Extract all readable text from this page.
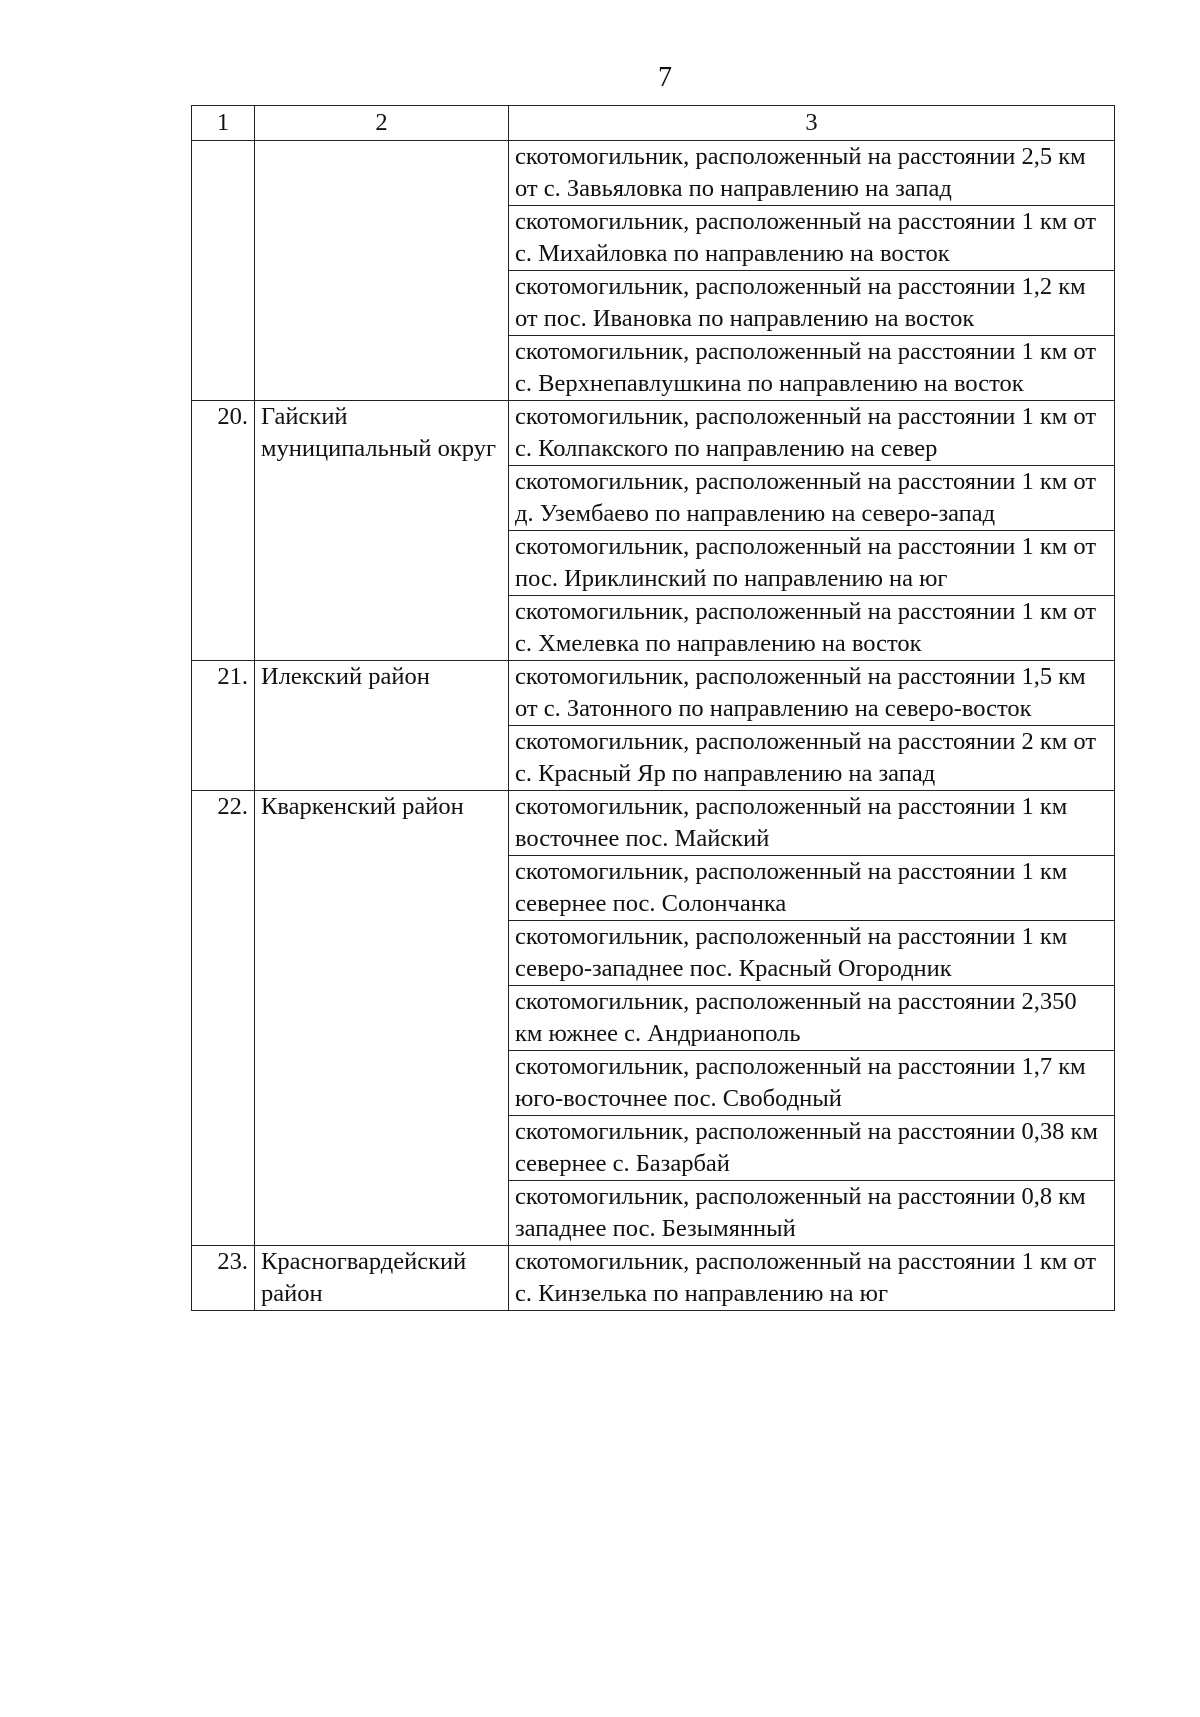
7
1	2	3
		скотомогильник, расположенный на расстоянии 2,5 км от с. Завьяловка по направлению на запад
		скотомогильник, расположенный на расстоянии 1 км от с. Михайловка по направлению на восток
		скотомогильник, расположенный на расстоянии 1,2 км от пос. Ивановка по направлению на восток
		скотомогильник, расположенный на расстоянии 1 км от с. Верхнепавлушкина по направлению на восток
20.	Гайский муниципальный округ	скотомогильник, расположенный на расстоянии 1 км от с. Колпакского по направлению на север
		скотомогильник, расположенный на расстоянии 1 км от д. Узембаево по направлению на северо-запад
		скотомогильник, расположенный на расстоянии 1 км от пос. Ириклинский по направлению на юг
		скотомогильник, расположенный на расстоянии 1 км от с. Хмелевка по направлению на восток
21.	Илекский район	скотомогильник, расположенный на расстоянии 1,5 км от с. Затонного по направлению на северо-восток
		скотомогильник, расположенный на расстоянии 2 км от с. Красный Яр по направлению на запад
22.	Кваркенский район	скотомогильник, расположенный на расстоянии 1 км восточнее пос. Майский
		скотомогильник, расположенный на расстоянии 1 км севернее пос. Солончанка
		скотомогильник, расположенный на расстоянии 1 км северо-западнее пос. Красный Огородник
		скотомогильник, расположенный на расстоянии 2,350 км южнее с. Андрианополь
		скотомогильник, расположенный на расстоянии 1,7 км юго-восточнее пос. Свободный
		скотомогильник, расположенный на расстоянии 0,38 км севернее с. Базарбай
		скотомогильник, расположенный на расстоянии 0,8 км западнее пос. Безымянный
23.	Красногвардейский район	скотомогильник, расположенный на расстоянии 1 км от с. Кинзелька по направлению на юг
